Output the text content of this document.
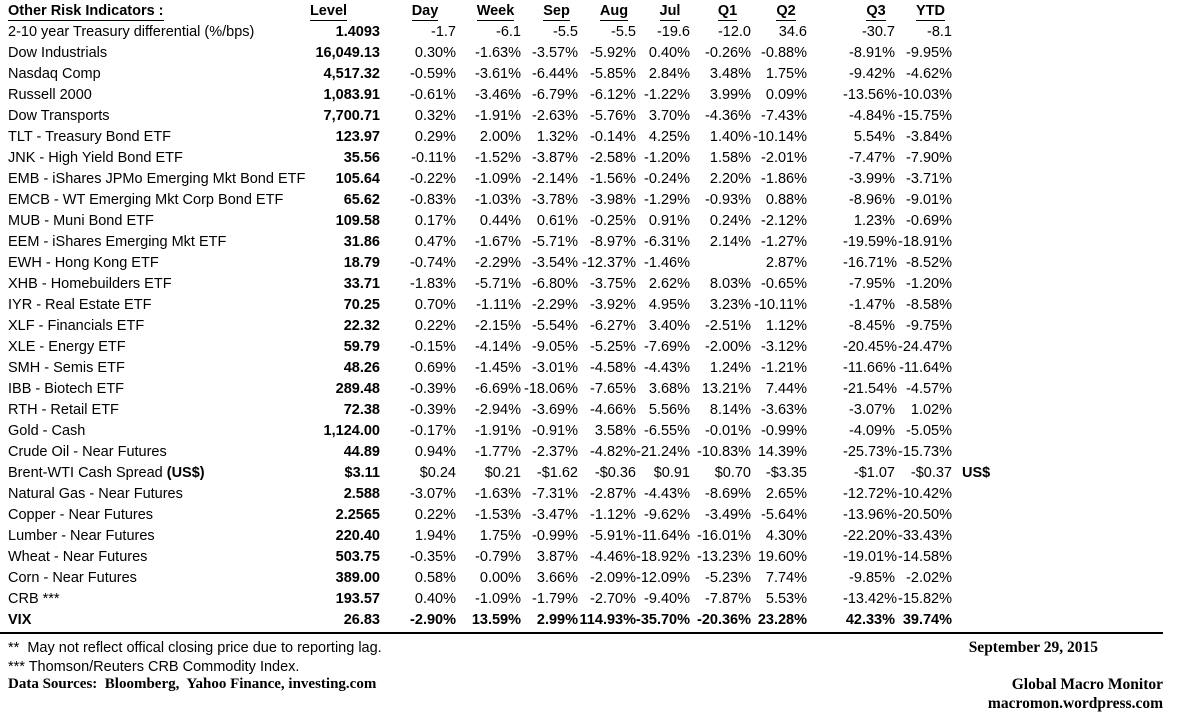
Other Risk Indicators :	Level	Day	Week	Sep	Aug	Jul	Q1	Q2		Q3	YTD	
2-10 year Treasury differential (%/bps)	1.4093	-1.7	-6.1	-5.5	-5.5	-19.6	-12.0	34.6		-30.7	-8.1	
Dow Industrials	16,049.13	0.30%	-1.63%	-3.57%	-5.92%	0.40%	-0.26%	-0.88%		-8.91%	-9.95%	
Nasdaq Comp	4,517.32	-0.59%	-3.61%	-6.44%	-5.85%	2.84%	3.48%	1.75%		-9.42%	-4.62%	
Russell 2000	1,083.91	-0.61%	-3.46%	-6.79%	-6.12%	-1.22%	3.99%	0.09%		-13.56%	-10.03%	
Dow Transports	7,700.71	0.32%	-1.91%	-2.63%	-5.76%	3.70%	-4.36%	-7.43%		-4.84%	-15.75%	
TLT - Treasury Bond ETF	123.97	0.29%	2.00%	1.32%	-0.14%	4.25%	1.40%	-10.14%		5.54%	-3.84%	
JNK - High Yield Bond ETF	35.56	-0.11%	-1.52%	-3.87%	-2.58%	-1.20%	1.58%	-2.01%		-7.47%	-7.90%	
EMB - iShares JPMo Emerging Mkt Bond ETF	105.64	-0.22%	-1.09%	-2.14%	-1.56%	-0.24%	2.20%	-1.86%		-3.99%	-3.71%	
EMCB - WT Emerging Mkt Corp Bond ETF	65.62	-0.83%	-1.03%	-3.78%	-3.98%	-1.29%	-0.93%	0.88%		-8.96%	-9.01%	
MUB - Muni Bond ETF	109.58	0.17%	0.44%	0.61%	-0.25%	0.91%	0.24%	-2.12%		1.23%	-0.69%	
EEM - iShares Emerging Mkt ETF	31.86	0.47%	-1.67%	-5.71%	-8.97%	-6.31%	2.14%	-1.27%		-19.59%	-18.91%	
EWH - Hong Kong ETF	18.79	-0.74%	-2.29%	-3.54%	-12.37%	-1.46%		2.87%		-16.71%	-8.52%	
XHB - Homebuilders ETF	33.71	-1.83%	-5.71%	-6.80%	-3.75%	2.62%	8.03%	-0.65%		-7.95%	-1.20%	
IYR - Real Estate ETF	70.25	0.70%	-1.11%	-2.29%	-3.92%	4.95%	3.23%	-10.11%		-1.47%	-8.58%	
XLF - Financials ETF	22.32	0.22%	-2.15%	-5.54%	-6.27%	3.40%	-2.51%	1.12%		-8.45%	-9.75%	
XLE - Energy ETF	59.79	-0.15%	-4.14%	-9.05%	-5.25%	-7.69%	-2.00%	-3.12%		-20.45%	-24.47%	
SMH - Semis ETF	48.26	0.69%	-1.45%	-3.01%	-4.58%	-4.43%	1.24%	-1.21%		-11.66%	-11.64%	
IBB - Biotech ETF	289.48	-0.39%	-6.69%	-18.06%	-7.65%	3.68%	13.21%	7.44%		-21.54%	-4.57%	
RTH - Retail ETF	72.38	-0.39%	-2.94%	-3.69%	-4.66%	5.56%	8.14%	-3.63%		-3.07%	1.02%	
Gold - Cash	1,124.00	-0.17%	-1.91%	-0.91%	3.58%	-6.55%	-0.01%	-0.99%		-4.09%	-5.05%	
Crude Oil - Near Futures	44.89	0.94%	-1.77%	-2.37%	-4.82%	-21.24%	-10.83%	14.39%		-25.73%	-15.73%	
Brent-WTI Cash Spread (US$)	$3.11	$0.24	$0.21	-$1.62	-$0.36	$0.91	$0.70	-$3.35		-$1.07	-$0.37	US$
Natural Gas - Near Futures	2.588	-3.07%	-1.63%	-7.31%	-2.87%	-4.43%	-8.69%	2.65%		-12.72%	-10.42%	
Copper - Near Futures	2.2565	0.22%	-1.53%	-3.47%	-1.12%	-9.62%	-3.49%	-5.64%		-13.96%	-20.50%	
Lumber - Near Futures	220.40	1.94%	1.75%	-0.99%	-5.91%	-11.64%	-16.01%	4.30%		-22.20%	-33.43%	
Wheat - Near Futures	503.75	-0.35%	-0.79%	3.87%	-4.46%	-18.92%	-13.23%	19.60%		-19.01%	-14.58%	
Corn - Near Futures	389.00	0.58%	0.00%	3.66%	-2.09%	-12.09%	-5.23%	7.74%		-9.85%	-2.02%	
CRB ***	193.57	0.40%	-1.09%	-1.79%	-2.70%	-9.40%	-7.87%	5.53%		-13.42%	-15.82%	
VIX	26.83	-2.90%	13.59%	2.99%	114.93%	-35.70%	-20.36%	23.28%		42.33%	39.74%	
**  May not reflect offical closing price due to reporting lag.
*** Thomson/Reuters CRB Commodity Index.
Data Sources:  Bloomberg,  Yahoo Finance, investing.com
September 29, 2015
Global Macro Monitor
macromon.wordpress.com
